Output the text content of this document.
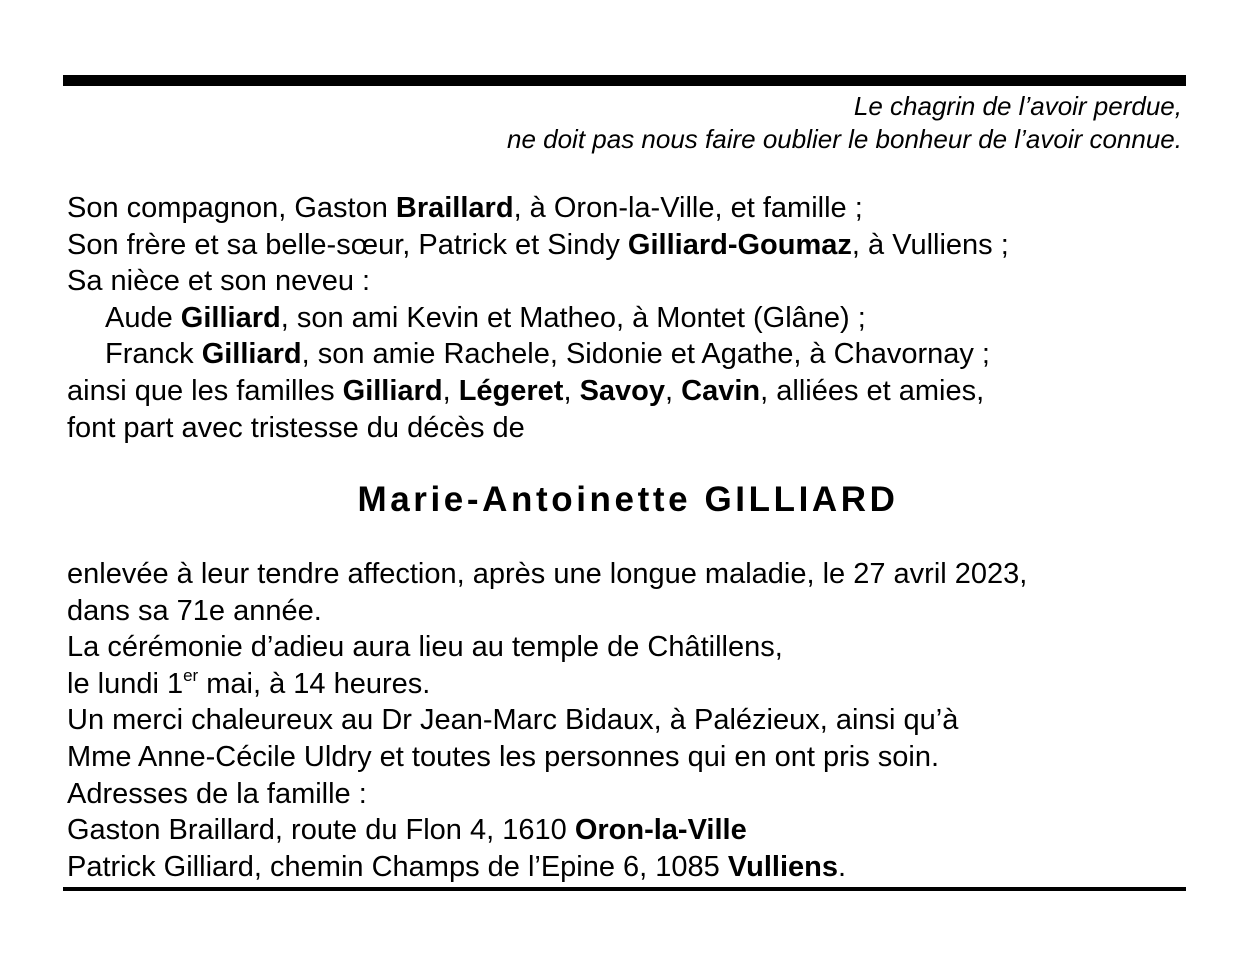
Le chagrin de l’avoir perdue,
ne doit pas nous faire oublier le bonheur de l’avoir connue.
Son compagnon, Gaston Braillard, à Oron-la-Ville, et famille ;
Son frère et sa belle-sœur, Patrick et Sindy Gilliard-Goumaz, à Vulliens ;
Sa nièce et son neveu :
Aude Gilliard, son ami Kevin et Matheo, à Montet (Glâne) ;
Franck Gilliard, son amie Rachele, Sidonie et Agathe, à Chavornay ;
ainsi que les familles Gilliard, Légeret, Savoy, Cavin, alliées et amies,
font part avec tristesse du décès de
Marie-Antoinette GILLIARD
enlevée à leur tendre affection, après une longue maladie, le 27 avril 2023,
dans sa 71e année.
La cérémonie d’adieu aura lieu au temple de Châtillens,
le lundi 1er mai, à 14 heures.
Un merci chaleureux au Dr Jean-Marc Bidaux, à Palézieux, ainsi qu’à
Mme Anne-Cécile Uldry et toutes les personnes qui en ont pris soin.
Adresses de la famille :
Gaston Braillard, route du Flon 4, 1610 Oron-la-Ville
Patrick Gilliard, chemin Champs de l’Epine 6, 1085 Vulliens.
